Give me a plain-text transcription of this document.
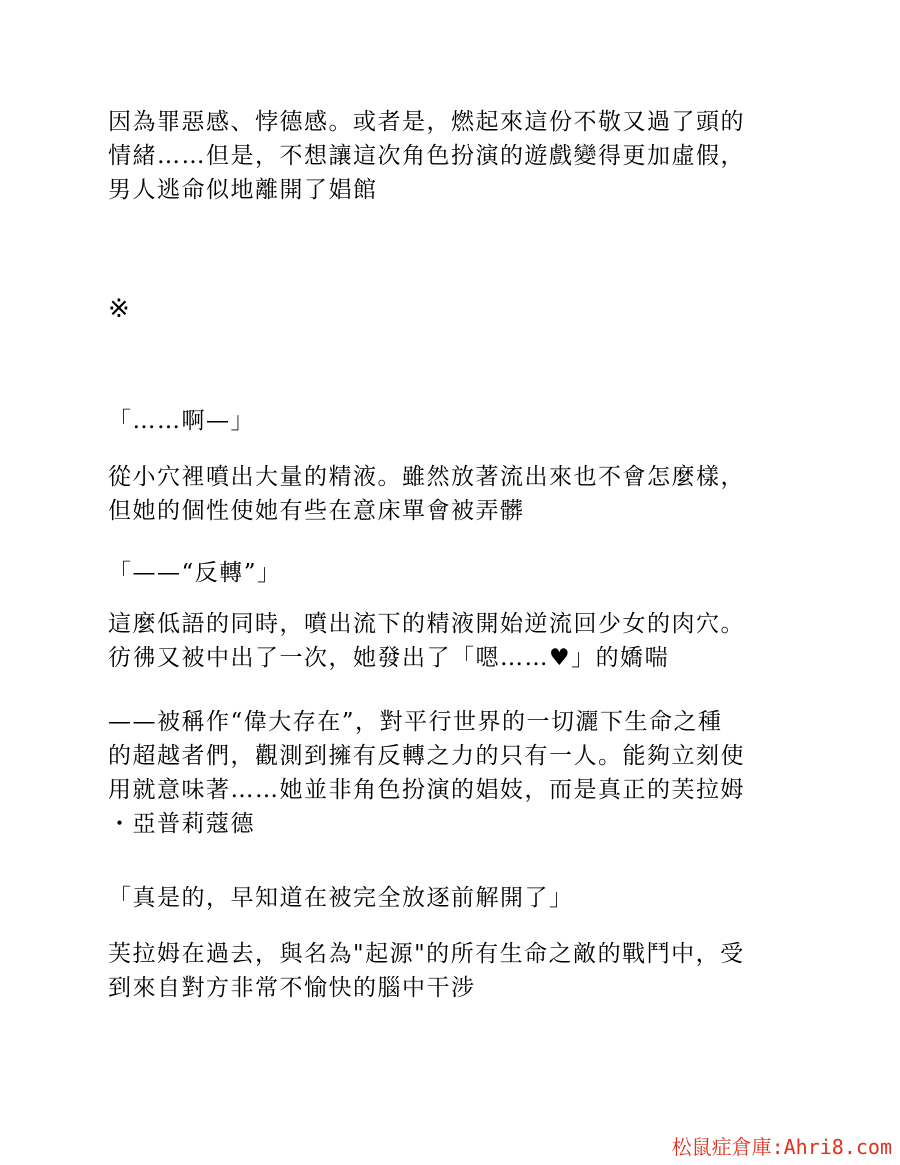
因為罪惡感、悖德感。或者是，燃起來這份不敬又過了頭的
情緒……但是，不想讓這次角色扮演的遊戲變得更加虛假，
男人逃命似地離開了娼館

※

「……啊—」

從小穴裡噴出大量的精液。雖然放著流出來也不會怎麼樣，
但她的個性使她有些在意床單會被弄髒

「——“反轉”」

這麼低語的同時，噴出流下的精液開始逆流回少女的肉穴。
彷彿又被中出了一次，她發出了「嗯……♥」的嬌喘

——被稱作“偉大存在”，對平行世界的一切灑下生命之種
的超越者們，觀測到擁有反轉之力的只有一人。能夠立刻使
用就意味著……她並非角色扮演的娼妓，而是真正的芙拉姆
・亞普莉蔻德

「真是的，早知道在被完全放逐前解開了」

芙拉姆在過去，與名為"起源"的所有生命之敵的戰鬥中，受
到來自對方非常不愉快的腦中干涉

松鼠症倉庫:Ahri8.com
